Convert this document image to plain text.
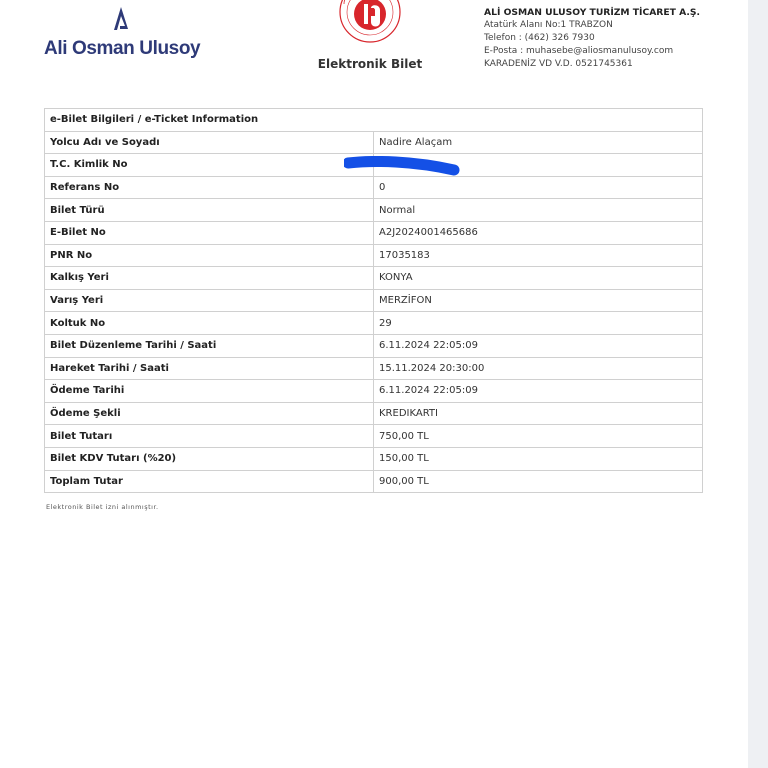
Ali Osman Ulusoy
Elektronik Bilet
ALİ OSMAN ULUSOY TURİZM TİCARET A.Ş.
Atatürk Alanı No:1 TRABZON
Telefon : (462) 326 7930
E-Posta : muhasebe@aliosmanulusoy.com
KARADENİZ VD V.D. 0521745361
e-Bilet Bilgileri / e-Ticket Information	
Yolcu Adı ve Soyadı	Nadire Alaçam
T.C. Kimlik No	
Referans No	0
Bilet Türü	Normal
E-Bilet No	A2J2024001465686
PNR No	17035183
Kalkış Yeri	KONYA
Varış Yeri	MERZİFON
Koltuk No	29
Bilet Düzenleme Tarihi / Saati	6.11.2024 22:05:09
Hareket Tarihi / Saati	15.11.2024 20:30:00
Ödeme Tarihi	6.11.2024 22:05:09
Ödeme Şekli	KREDIKARTI
Bilet Tutarı	750,00 TL
Bilet KDV Tutarı (%20)	150,00 TL
Toplam Tutar	900,00 TL
Elektronik Bilet izni alınmıştır.
